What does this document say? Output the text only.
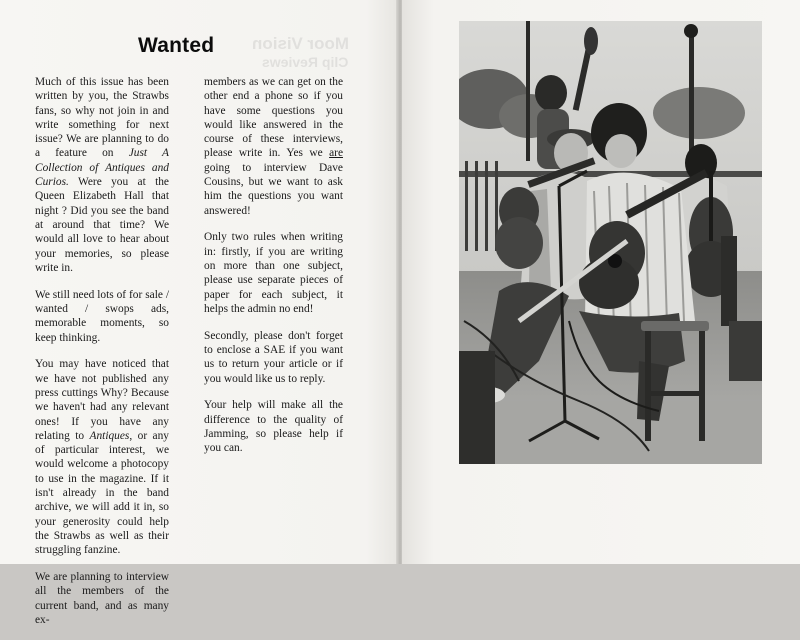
Moor Vision
Clip Reviews
Wanted

Much of this issue has been written by you, the Strawbs fans, so why not join in and write something for next issue? We are planning to do a feature on Just A Collection of Antiques and Curios. Were you at the Queen Elizabeth Hall that night ? Did you see the band at around that time? We would all love to hear about your memories, so please write in.

We still need lots of for sale / wanted / swops ads, memorable moments, so keep thinking.

You may have noticed that we have not published any press cuttings Why? Because we haven't had any relevant ones! If you have any relating to Antiques, or any of particular interest, we would welcome a photocopy to use in the magazine. If it isn't already in the band archive, we will add it in, so your generosity could help the Strawbs as well as their struggling fanzine.

We are planning to interview all the members of the current band, and as many ex-

members as we can get on the other end a phone so if you have some questions you would like answered in the course of these interviews, please write in. Yes we are going to interview Dave Cousins, but we want to ask him the questions you want answered!

Only two rules when writing in: firstly, if you are writing on more than one subject, please use separate pieces of paper for each subject, it helps the admin no end!

Secondly, please don't forget to enclose a SAE if you want us to return your article or if you would like us to reply.

Your help will make all the difference to the quality of Jamming, so please help if you can.
